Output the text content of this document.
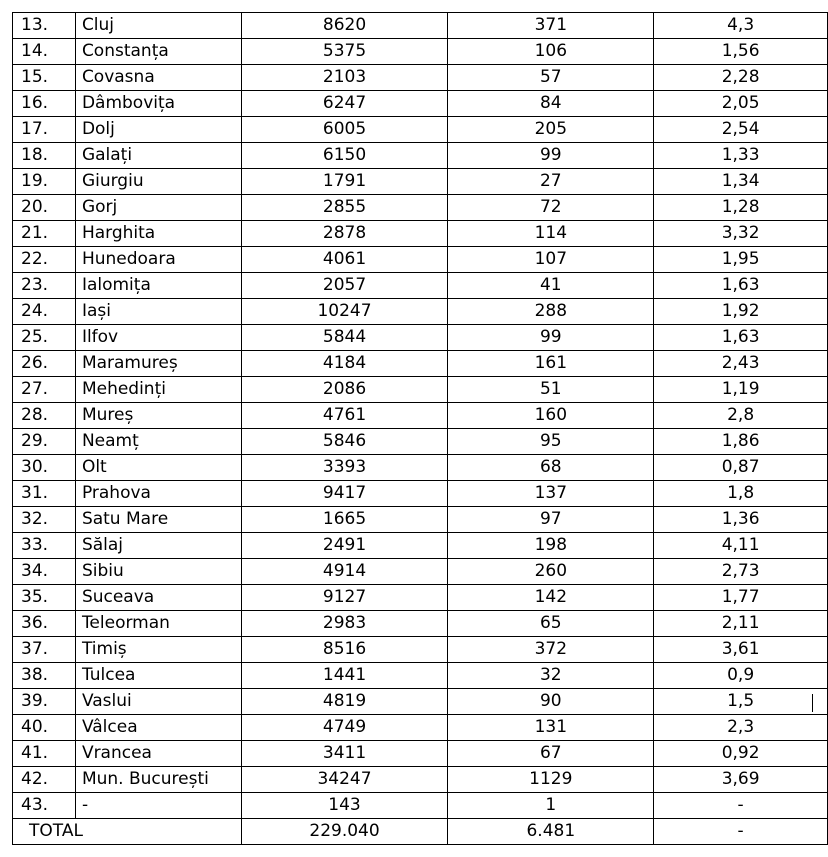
13.	Cluj	8620	371	4,3
14.	Constanța	5375	106	1,56
15.	Covasna	2103	57	2,28
16.	Dâmbovița	6247	84	2,05
17.	Dolj	6005	205	2,54
18.	Galați	6150	99	1,33
19.	Giurgiu	1791	27	1,34
20.	Gorj	2855	72	1,28
21.	Harghita	2878	114	3,32
22.	Hunedoara	4061	107	1,95
23.	Ialomița	2057	41	1,63
24.	Iași	10247	288	1,92
25.	Ilfov	5844	99	1,63
26.	Maramureș	4184	161	2,43
27.	Mehedinți	2086	51	1,19
28.	Mureș	4761	160	2,8
29.	Neamț	5846	95	1,86
30.	Olt	3393	68	0,87
31.	Prahova	9417	137	1,8
32.	Satu Mare	1665	97	1,36
33.	Sălaj	2491	198	4,11
34.	Sibiu	4914	260	2,73
35.	Suceava	9127	142	1,77
36.	Teleorman	2983	65	2,11
37.	Timiș	8516	372	3,61
38.	Tulcea	1441	32	0,9
39.	Vaslui	4819	90	1,5
40.	Vâlcea	4749	131	2,3
41.	Vrancea	3411	67	0,92
42.	Mun. București	34247	1129	3,69
43.	-	143	1	-
TOTAL		229.040	6.481	-
